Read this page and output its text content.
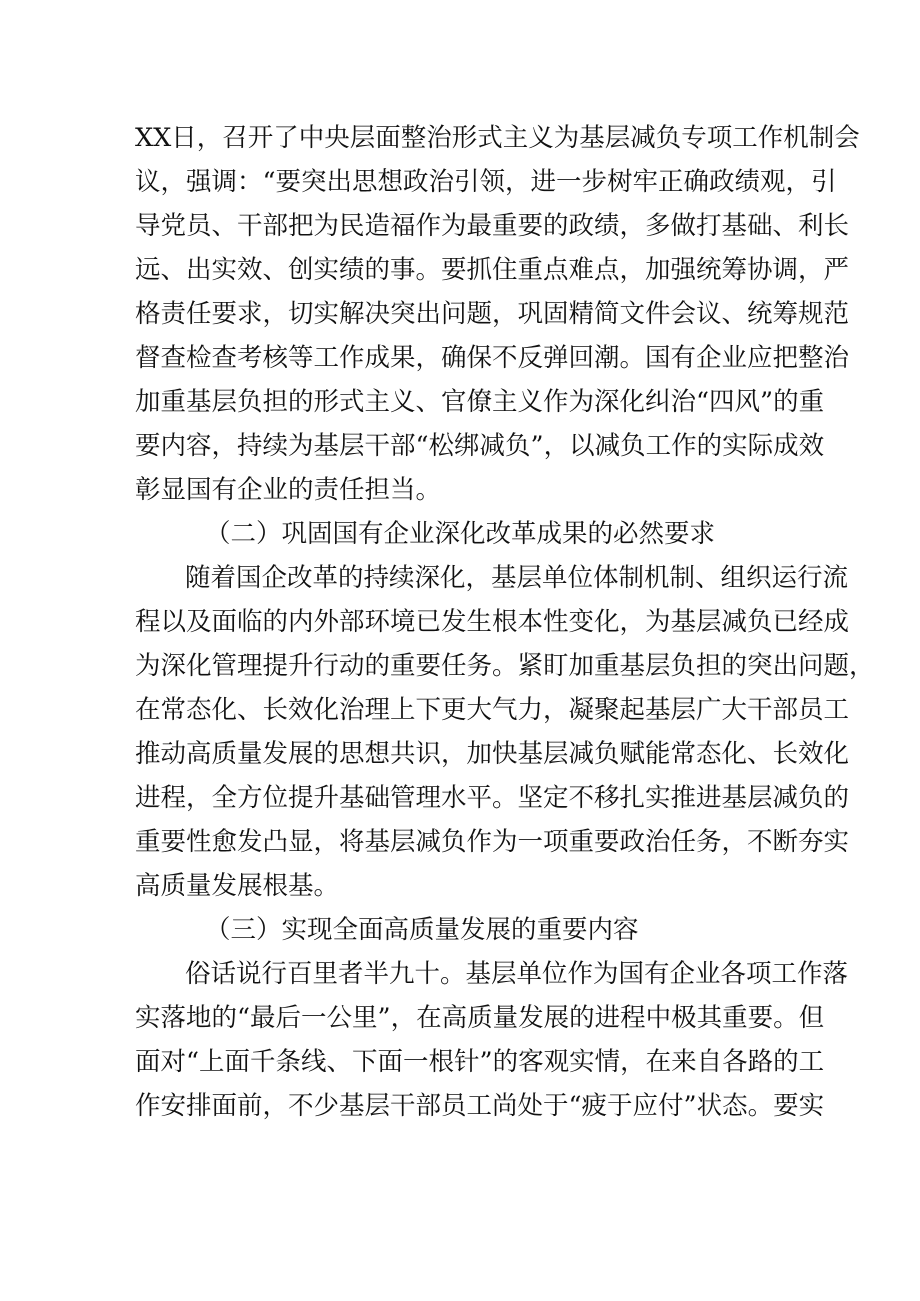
XX日，召开了中央层面整治形式主义为基层减负专项工作机制会
议，强调：“要突出思想政治引领，进一步树牢正确政绩观，引
导党员、干部把为民造福作为最重要的政绩，多做打基础、利长
远、出实效、创实绩的事。要抓住重点难点，加强统筹协调，严
格责任要求，切实解决突出问题，巩固精简文件会议、统筹规范
督查检查考核等工作成果，确保不反弹回潮。国有企业应把整治
加重基层负担的形式主义、官僚主义作为深化纠治“四风”的重
要内容，持续为基层干部“松绑减负”，以减负工作的实际成效
彰显国有企业的责任担当。
（二）巩固国有企业深化改革成果的必然要求
随着国企改革的持续深化，基层单位体制机制、组织运行流
程以及面临的内外部环境已发生根本性变化，为基层减负已经成
为深化管理提升行动的重要任务。紧盯加重基层负担的突出问题，
在常态化、长效化治理上下更大气力，凝聚起基层广大干部员工
推动高质量发展的思想共识，加快基层减负赋能常态化、长效化
进程，全方位提升基础管理水平。坚定不移扎实推进基层减负的
重要性愈发凸显，将基层减负作为一项重要政治任务，不断夯实
高质量发展根基。
（三）实现全面高质量发展的重要内容
俗话说行百里者半九十。基层单位作为国有企业各项工作落
实落地的“最后一公里”，在高质量发展的进程中极其重要。但
面对“上面千条线、下面一根针”的客观实情，在来自各路的工
作安排面前，不少基层干部员工尚处于“疲于应付”状态。要实
